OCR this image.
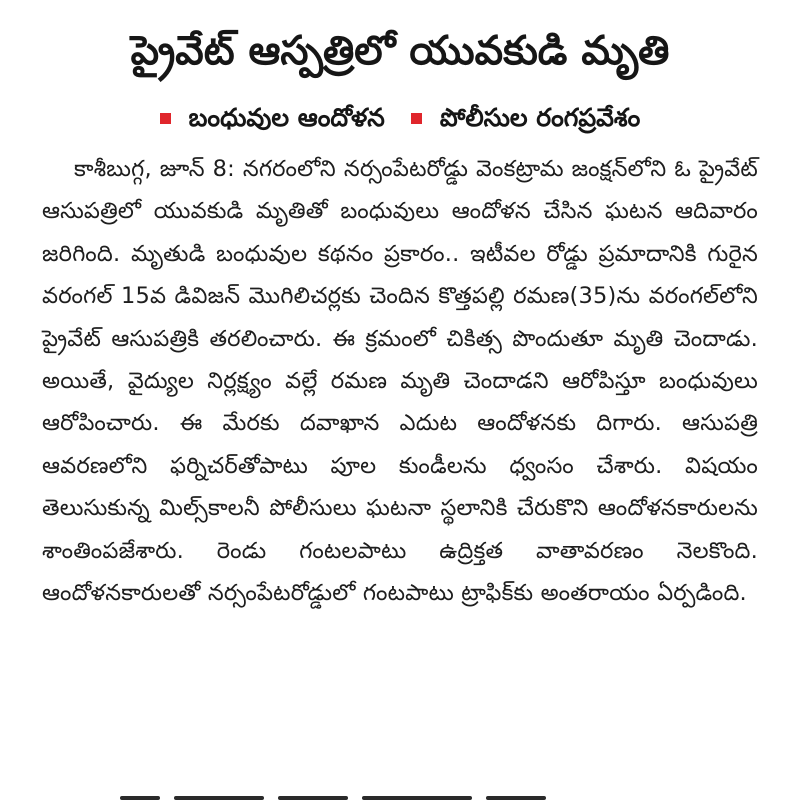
ప్రైవేట్ ఆస్పత్రిలో యువకుడి మృతి
బంధువుల ఆందోళన పోలీసుల రంగప్రవేశం

కాశీబుగ్గ, జూన్ 8: నగరంలోని నర్సంపేటరోడ్డు వెంకట్రామ జంక్షన్‌లోని ఓ ప్రైవేట్ ఆసుపత్రిలో యువకుడి మృతితో బంధువులు ఆందోళన చేసిన ఘటన ఆదివారం జరిగింది. మృతుడి బంధువుల కథనం ప్రకారం.. ఇటీవల రోడ్డు ప్రమాదానికి గురైన వరంగల్ 15వ డివిజన్ మొగిలిచర్లకు చెందిన కొత్తపల్లి రమణ(35)ను వరంగల్‌లోని ప్రైవేట్ ఆసుపత్రికి తరలించారు. ఈ క్రమంలో చికిత్స పొందుతూ మృతి చెందాడు. అయితే, వైద్యుల నిర్లక్ష్యం వల్లే రమణ మృతి చెందాడని ఆరోపిస్తూ బంధువులు ఆరోపించారు. ఈ మేరకు దవాఖాన ఎదుట ఆందోళనకు దిగారు. ఆసుపత్రి ఆవరణలోని ఫర్నిచర్‌తోపాటు పూల కుండీలను ధ్వంసం చేశారు. విషయం తెలుసుకున్న మిల్స్‌కాలనీ పోలీసులు ఘటనా స్థలానికి చేరుకొని ఆందోళనకారులను శాంతింపజేశారు. రెండు గంటలపాటు ఉద్రిక్తత వాతావరణం నెలకొంది. ఆందోళనకారులతో నర్సంపేటరోడ్డులో గంటపాటు ట్రాఫిక్‌కు అంతరాయం ఏర్పడింది.
